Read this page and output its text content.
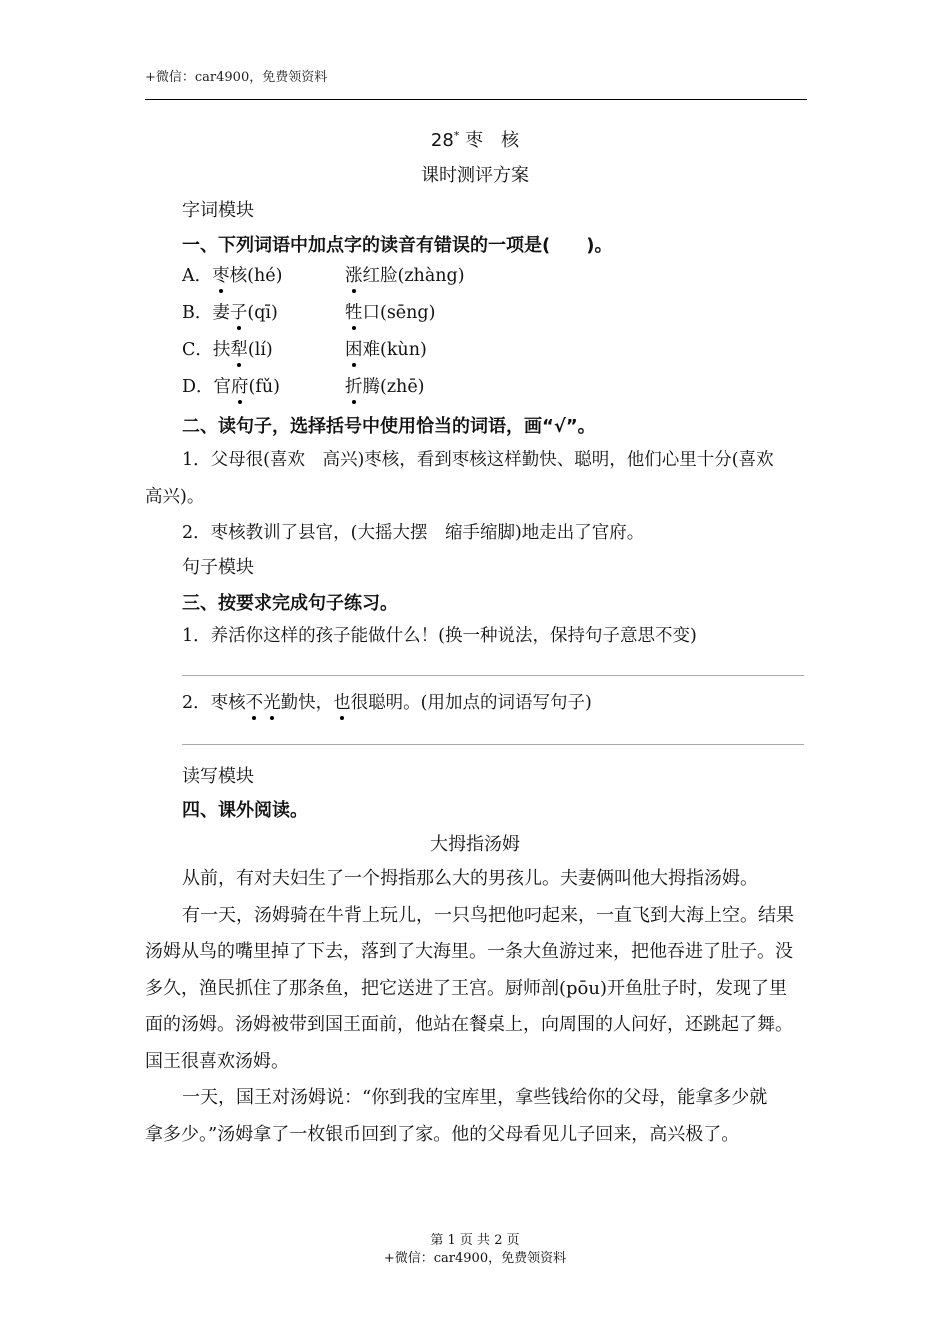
+微信：car4900，免费领资料
28* 枣　核
课时测评方案
字词模块
一、下列词语中加点字的读音有错误的一项是(　　)。
A．枣核(hé)	涨红脸(zhàng)
B．妻子(qī)	牲口(sēng)
C．扶犁(lí)	困难(kùn)
D．官府(fǔ)	折腾(zhē)
二、读句子，选择括号中使用恰当的词语，画“√”。
1．父母很(喜欢　高兴)枣核，看到枣核这样勤快、聪明，他们心里十分(喜欢
高兴)。
2．枣核教训了县官，(大摇大摆　缩手缩脚)地走出了官府。
句子模块
三、按要求完成句子练习。
1．养活你这样的孩子能做什么！(换一种说法，保持句子意思不变)
2．枣核不光勤快，也很聪明。(用加点的词语写句子)
读写模块
四、课外阅读。
大拇指汤姆
从前，有对夫妇生了一个拇指那么大的男孩儿。夫妻俩叫他大拇指汤姆。
有一天，汤姆骑在牛背上玩儿，一只鸟把他叼起来，一直飞到大海上空。结果
汤姆从鸟的嘴里掉了下去，落到了大海里。一条大鱼游过来，把他吞进了肚子。没
多久，渔民抓住了那条鱼，把它送进了王宫。厨师剖(pōu)开鱼肚子时，发现了里
面的汤姆。汤姆被带到国王面前，他站在餐桌上，向周围的人问好，还跳起了舞。
国王很喜欢汤姆。
一天，国王对汤姆说：“你到我的宝库里，拿些钱给你的父母，能拿多少就
拿多少。”汤姆拿了一枚银币回到了家。他的父母看见儿子回来，高兴极了。
第 1 页 共 2 页
+微信：car4900，免费领资料
